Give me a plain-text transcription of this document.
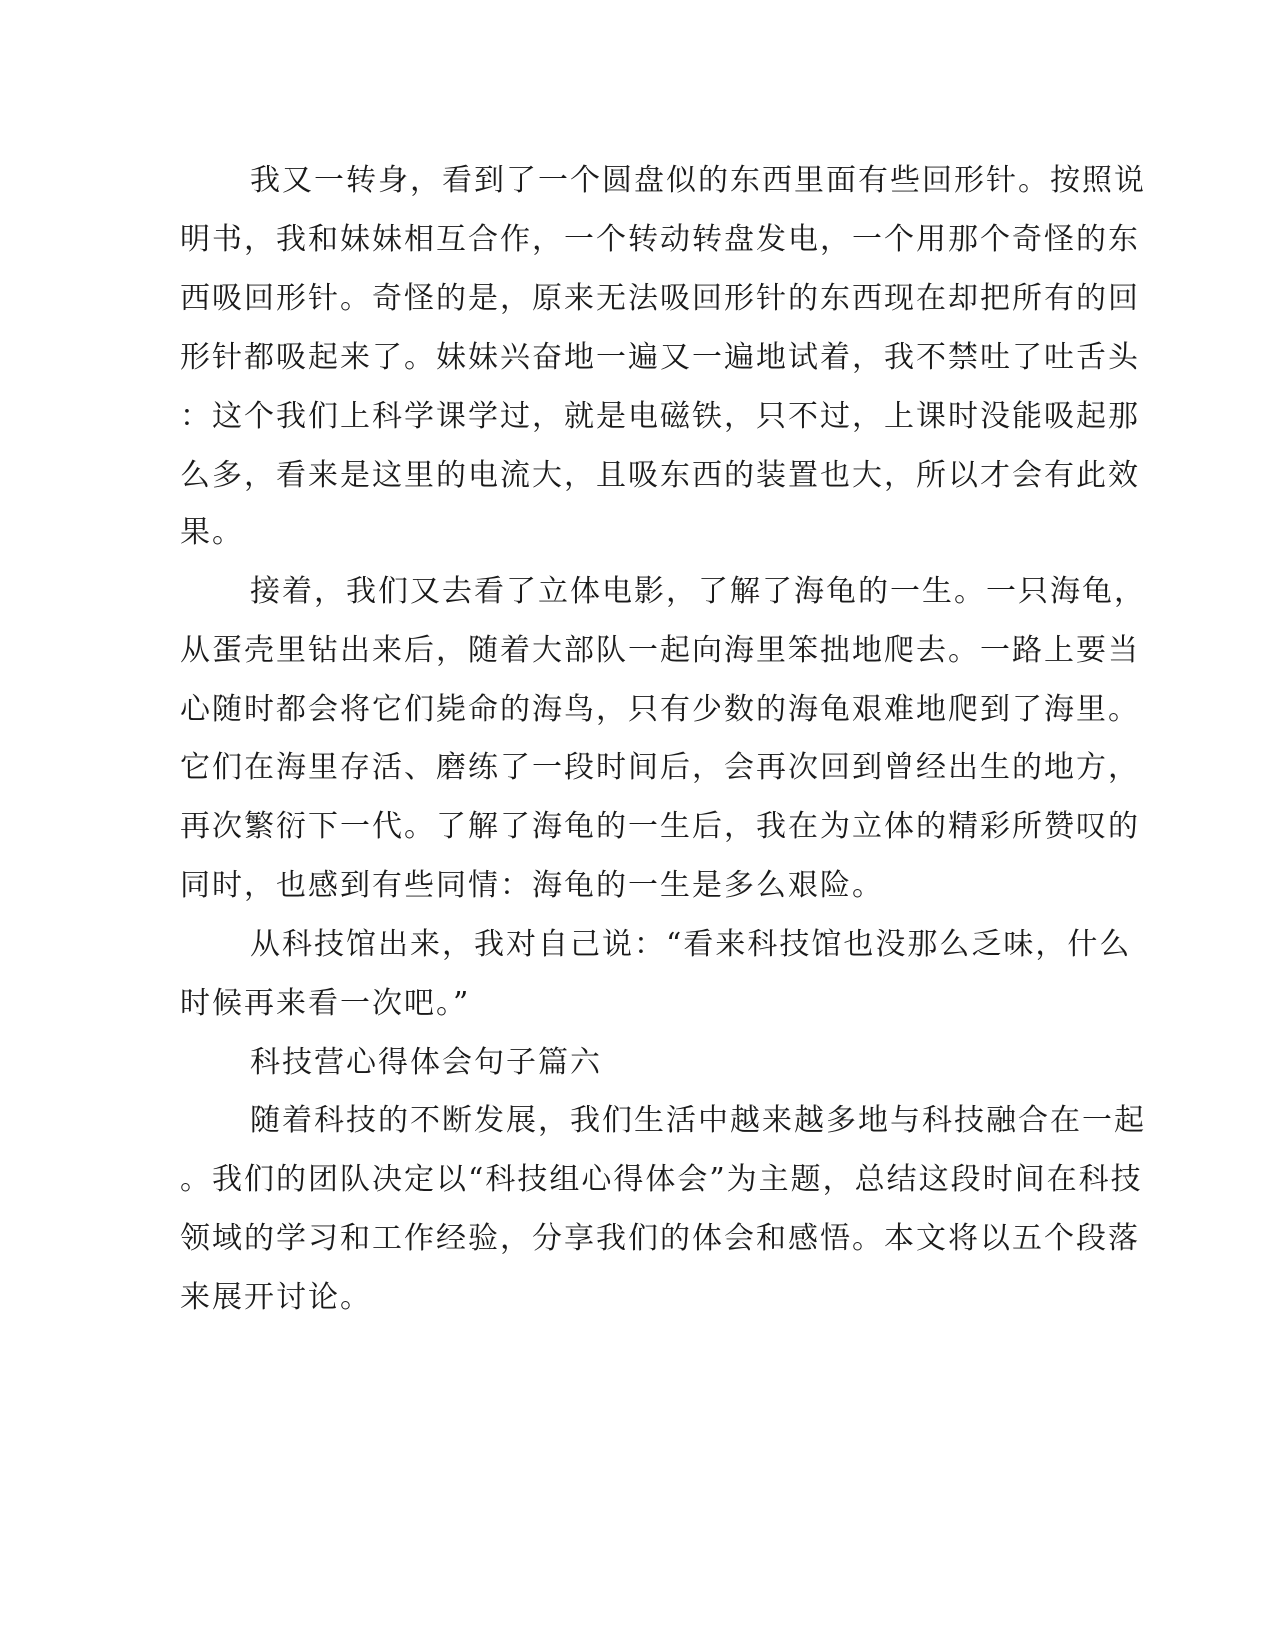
我又一转身，看到了一个圆盘似的东西里面有些回形针。按照说
明书，我和妹妹相互合作，一个转动转盘发电，一个用那个奇怪的东
西吸回形针。奇怪的是，原来无法吸回形针的东西现在却把所有的回
形针都吸起来了。妹妹兴奋地一遍又一遍地试着，我不禁吐了吐舌头
：这个我们上科学课学过，就是电磁铁，只不过，上课时没能吸起那
么多，看来是这里的电流大，且吸东西的装置也大，所以才会有此效
果。
接着，我们又去看了立体电影，了解了海龟的一生。一只海龟，
从蛋壳里钻出来后，随着大部队一起向海里笨拙地爬去。一路上要当
心随时都会将它们毙命的海鸟，只有少数的海龟艰难地爬到了海里。
它们在海里存活、磨练了一段时间后，会再次回到曾经出生的地方，
再次繁衍下一代。了解了海龟的一生后，我在为立体的精彩所赞叹的
同时，也感到有些同情：海龟的一生是多么艰险。
从科技馆出来，我对自己说：“看来科技馆也没那么乏味，什么
时候再来看一次吧。”
科技营心得体会句子篇六
随着科技的不断发展，我们生活中越来越多地与科技融合在一起
。我们的团队决定以“科技组心得体会”为主题，总结这段时间在科技
领域的学习和工作经验，分享我们的体会和感悟。本文将以五个段落
来展开讨论。
